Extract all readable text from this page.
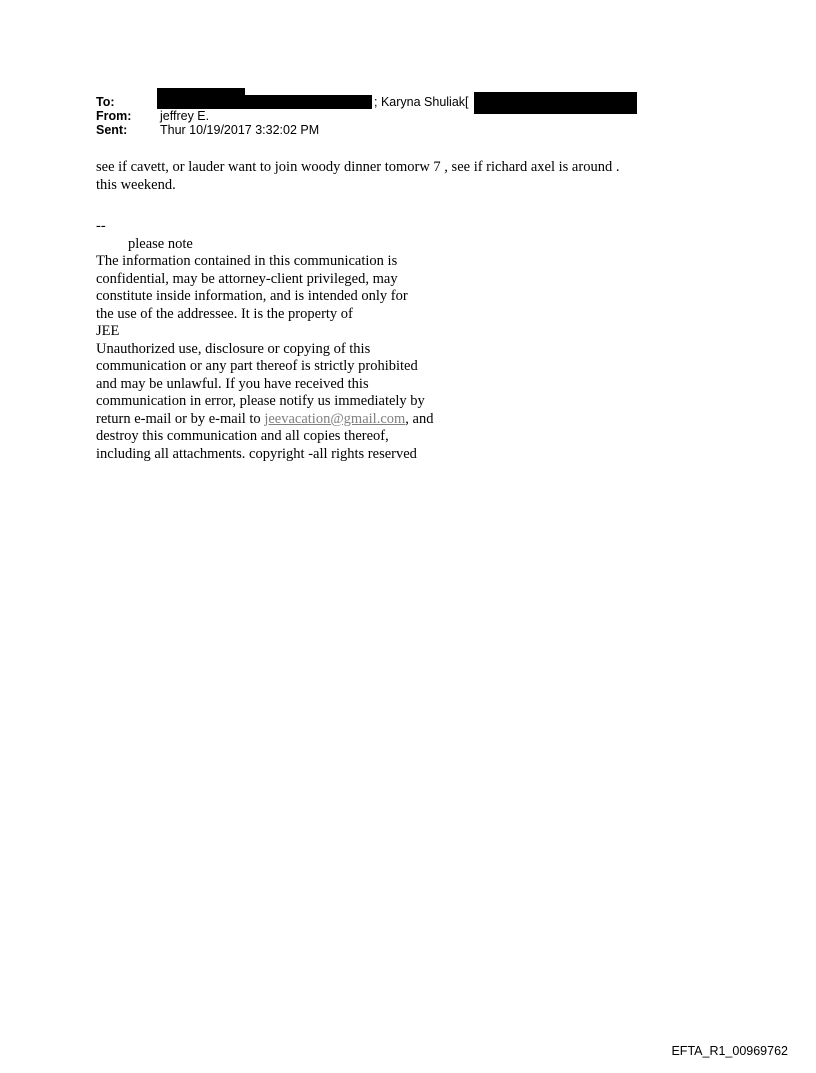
To:	; Karyna Shuliak[
From: jeffrey E.
Sent:	Thur 10/19/2017 3:32:02 PM
see if cavett, or lauder want to join woody dinner tomorw 7 , see if richard axel is around .
this weekend.
--
please note
The information contained in this communication is
confidential, may be attorney-client privileged, may
constitute inside information, and is intended only for
the use of the addressee. It is the property of
JEE
Unauthorized use, disclosure or copying of this
communication or any part thereof is strictly prohibited
and may be unlawful. If you have received this
communication in error, please notify us immediately by
return e-mail or by e-mail to jeevacation@gmail.com, and
destroy this communication and all copies thereof,
including all attachments. copyright -all rights reserved
EFTA_R1_00969762
